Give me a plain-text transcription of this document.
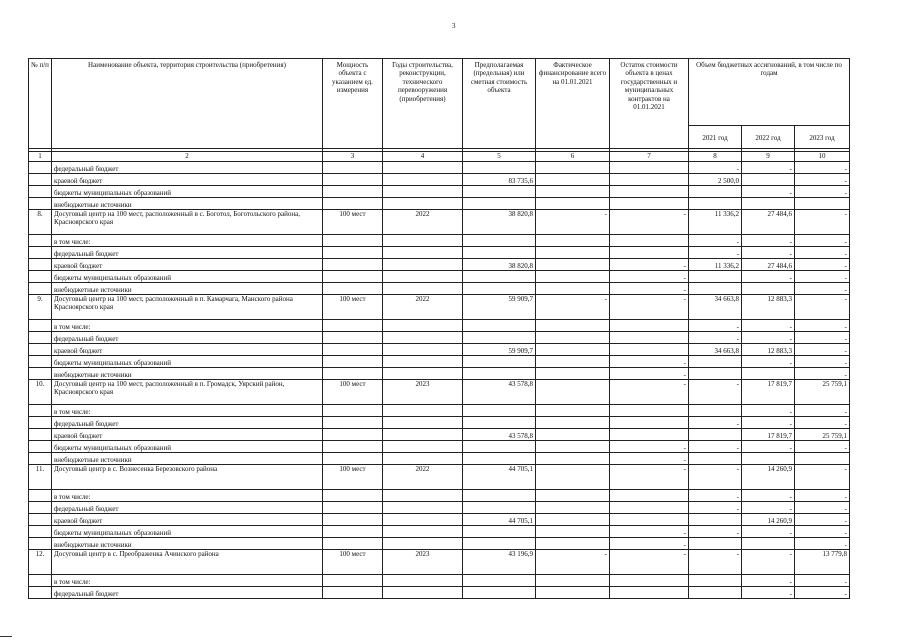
3
№ п/п	Наименование объекта, территория строительства (приобретения)	Мощность объекта с указанием ед. измерения	Годы строительства, реконструкции, технического перевооружения (приобретения)	Предполагаемая (предельная) или сметная стоимость объекта	Фактическое финансирование всего на 01.01.2021	Остаток стоимости объекта в ценах государственных и муниципальных контрактов на 01.01.2021	Объем бюджетных ассигнований, в том числе по годам		
							2021 год	2022 год	2023 год

1	2	3	4	5	6	7	8	9	10
	федеральный бюджет						-	-	-
	краевой бюджет			83 735,6			2 500,0		-
	бюджеты муниципальных образований							-	-
	внебюджетные источники								
8.	Досуговый центр на 100 мест, расположенный в с. Боготол, Боготольского района, Красноярского края	100 мест	2022	38 820,8	-	-	11 336,2	27 484,6	-
	в том числе:						-	-	-
	федеральный бюджет						-	-	-
	краевой бюджет			38 820,8		-	11 336,2	27 484,6	-
	бюджеты муниципальных образований					-		-	-
	внебюджетные источники					-			-
9.	Досуговый центр на 100 мест, расположенный в п. Камарчага, Манского района Красноярского края	100 мест	2022	59 909,7	-	-	34 663,8	12 883,3	-
	в том числе:						-	-	-
	федеральный бюджет						-	-	-
	краевой бюджет			59 909,7			34 663,8	12 883,3	-
	бюджеты муниципальных образований					-		-	-
	внебюджетные источники					-			-
10.	Досуговый центр на 100 мест, расположенный в п. Громадск, Уярский район, Красноярского края	100 мест	2023	43 578,8		-	-	17 819,7	25 759,1
	в том числе:							-	-
	федеральный бюджет						-	-	-
	краевой бюджет			43 578,8				17 819,7	25 759,1
	бюджеты муниципальных образований					-	-	-	-
	внебюджетные источники					-			
11.	Досуговый центр в с. Вознесенка Березовского района	100 мест	2022	44 705,1		-	-	14 260,9	-
	в том числе:						-	-	-
	федеральный бюджет						-	-	-
	краевой бюджет			44 705,1				14 260,9	-
	бюджеты муниципальных образований					-	-	-	-
	внебюджетные источники					-			-
12.	Досуговый центр в с. Преображенка Ачинского района	100 мест	2023	43 196,9	-	-	-	-	13 779,8
	в том числе:							-	-
	федеральный бюджет							-	-
